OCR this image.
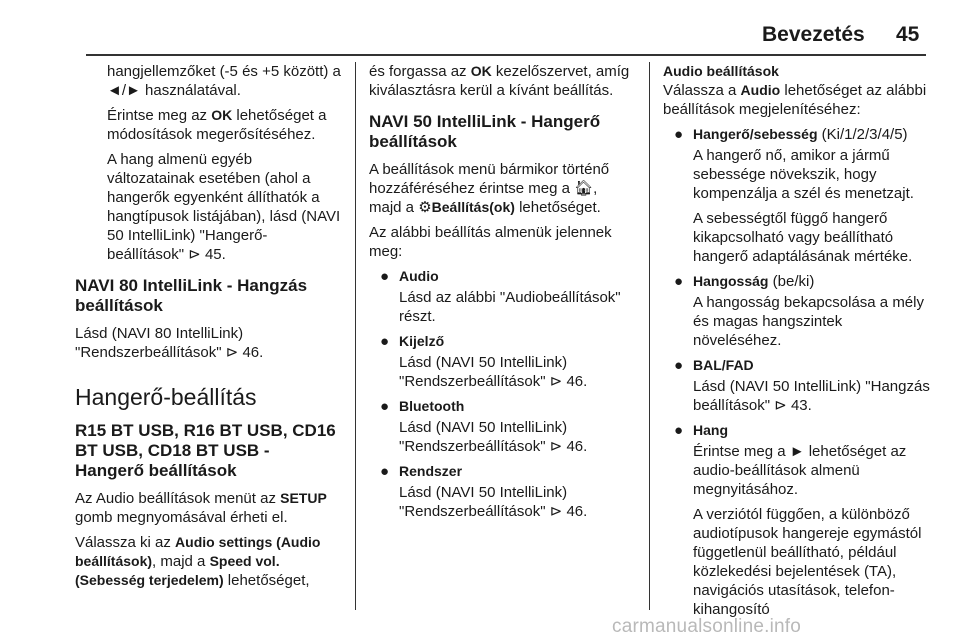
Bevezetés 45

hangjellemzőket (-5 és +5 között) a ◄/► használatával.

Érintse meg az OK lehetőséget a módosítások megerősítéséhez.

A hang almenü egyéb változatainak esetében (ahol a hangerők egyenként állíthatók a hangtípusok listájában), lásd (NAVI 50 IntelliLink) "Hangerő-beállítások" ⊳ 45.

NAVI 80 IntelliLink - Hangzás beállítások

Lásd (NAVI 80 IntelliLink) "Rendszerbeállítások" ⊳ 46.

Hangerő-beállítás
R15 BT USB, R16 BT USB, CD16 BT USB, CD18 BT USB - Hangerő beállítások

Az Audio beállítások menüt az SETUP gomb megnyomásával érheti el.

Válassza ki az Audio settings (Audio beállítások), majd a Speed vol. (Sebesség terjedelem) lehetőséget,

és forgassa az OK kezelőszervet, amíg kiválasztásra kerül a kívánt beállítás.

NAVI 50 IntelliLink - Hangerő beállítások

A beállítások menü bármikor történő hozzáféréséhez érintse meg a 🏠︎, majd a ⚙Beállítás(ok) lehetőséget.

Az alábbi beállítás almenük jelennek meg:

● Audio
Lásd az alábbi "Audiobeállítások" részt.
● Kijelző
Lásd (NAVI 50 IntelliLink) "Rendszerbeállítások" ⊳ 46.
● Bluetooth
Lásd (NAVI 50 IntelliLink) "Rendszerbeállítások" ⊳ 46.
● Rendszer
Lásd (NAVI 50 IntelliLink) "Rendszerbeállítások" ⊳ 46.
Audio beállítások

Válassza a Audio lehetőséget az alábbi beállítások megjelenítéséhez:

● Hangerő/sebesség (Ki/1/2/3/4/5)
A hangerő nő, amikor a jármű sebessége növekszik, hogy kompenzálja a szél és menetzajt.
A sebességtől függő hangerő kikapcsolható vagy beállítható hangerő adaptálásának mértéke.
● Hangosság (be/ki)
A hangosság bekapcsolása a mély és magas hangszintek növeléséhez.
● BAL/FAD
Lásd (NAVI 50 IntelliLink) "Hangzás beállítások" ⊳ 43.
● Hang
Érintse meg a ► lehetőséget az audio-beállítások almenü megnyitásához.
A verziótól függően, a különböző audiotípusok hangereje egymástól függetlenül beállítható, például közlekedési bejelentések (TA), navigációs utasítások, telefon-kihangosító
carmanualsonline.info
